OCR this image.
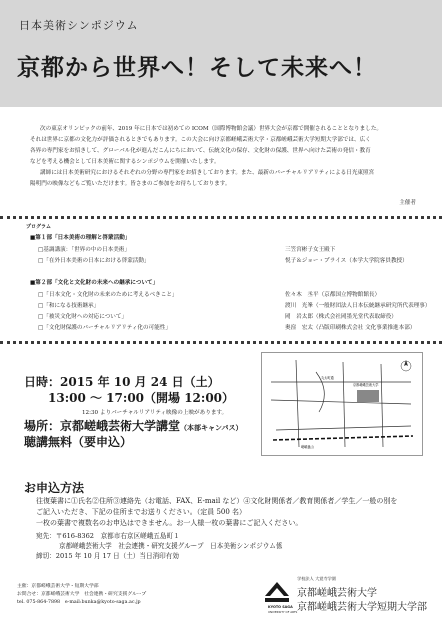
日本美術シンポジウム
京都から世界へ！そして未来へ！

次の東京オリンピックの前年、2019 年に日本では初めての ICOM（国際博物館会議）世界大会が京都で開催されることとなりました。

それは世界に京都の文化力が評価されるときでもあります。この大会に向け京都嵯峨芸術大学・京都嵯峨芸術大学短期大学部では、広く

各界の専門家をお招きして、グローバル化が進んだこんにちにおいて、伝統文化の保存、文化財の保護、世界へ向けた芸術の発信・教育

などを考える機会として日本美術に関するシンポジウムを開催いたします。

講師には日本美術研究におけるそれぞれの分野の専門家をお招きしております。また、最新のバーチャルリアリティによる日光東照宮

陽明門の映像などもご覧いただけます。皆さまのご参加をお待ちしております。

主催者
プログラム
■第１部「日本美術の理解と啓蒙活動」
□基調講演：「世界の中の日本美術」	三笠宮彬子女王殿下
□「在外日本美術の日本における啓蒙活動」	悦子＆ジョー・プライス（本学大学院客員教授）
■第２部「文化と文化財の未来への継承について」
□「日本文化・文化財の未来のために考えるべきこと」	佐々木　丞平（京都国立博物館館長）
□「和になる技術継承」	渡川　光峯（一般財団法人日本伝統継承研究所代表理事）
□「被災文化財への対応について」	岡　岩太郎（株式会社岡墨光堂代表取締役）
□「文化財保護のバーチャルリアリティ化の可能性」	奥窪　宏太（凸版印刷株式会社 文化事業推進本部）
日時：2015 年 10 月 24 日（土）
13:00 〜 17:00（開場 12:00）
12:30 よりバーチャルリアリティ映像の上映があります。
場所：京都嵯峨芸術大学講堂（本部キャンパス）
聴講無料（要申込）
京都嵯峨芸術大学
嵯峨嵐山
丸太町通
お申込方法
往復葉書に①氏名②住所③連絡先（お電話、FAX、E-mail など）④文化財関係者／教育関係者／学生／一般の別を
ご記入いただき、下記の住所までお送りください。（定員 500 名）
一枚の葉書で複数名のお申込はできません。お一人様一枚の葉書にご記入ください。
宛先：〒616-8362　京都市右京区嵯峨五島町１
京都嵯峨芸術大学　社会連携・研究支援グループ　日本美術シンポジウム係
締切：2015 年 10 月 17 日（土）当日消印有効
主催：京都嵯峨芸術大学・短期大学部
お問合せ：京都嵯峨芸術大学　社会連携・研究支援グループ
tel. 075-864-7898　e-mail:bunka@kyoto-saga.ac.jp
KYOTO SAGA
UNIVERSITY OF ARTS
学校法人 大覚寺学園
京都嵯峨芸術大学
京都嵯峨芸術大学短期大学部
